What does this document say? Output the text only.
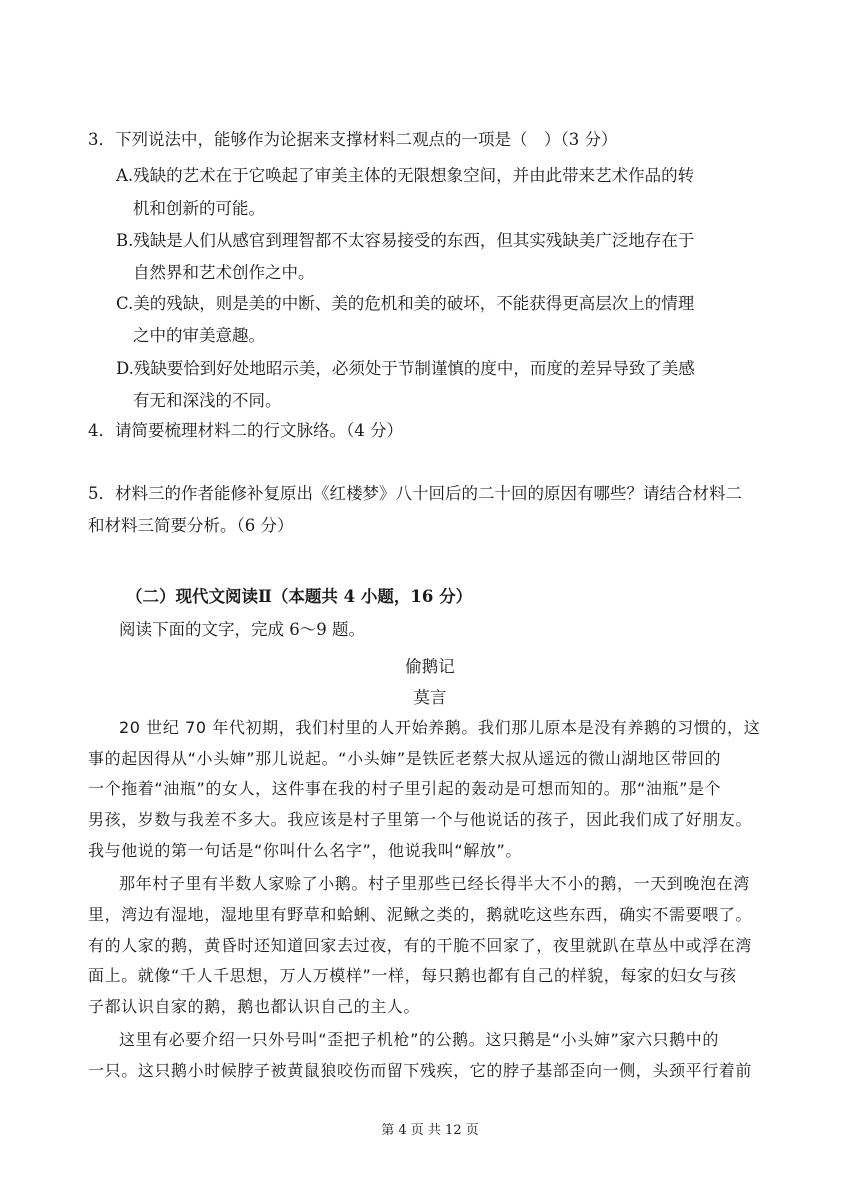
3．下列说法中，能够作为论据来支撑材料二观点的一项是（　）（3 分）
A.残缺的艺术在于它唤起了审美主体的无限想象空间，并由此带来艺术作品的转
机和创新的可能。
B.残缺是人们从感官到理智都不太容易接受的东西，但其实残缺美广泛地存在于
自然界和艺术创作之中。
C.美的残缺，则是美的中断、美的危机和美的破坏，不能获得更高层次上的情理
之中的审美意趣。
D.残缺要恰到好处地昭示美，必须处于节制谨慎的度中，而度的差异导致了美感
有无和深浅的不同。
4．请简要梳理材料二的行文脉络。（4 分）
5．材料三的作者能修补复原出《红楼梦》八十回后的二十回的原因有哪些？请结合材料二
和材料三简要分析。（6 分）
（二）现代文阅读Ⅱ（本题共 4 小题，16 分）
阅读下面的文字，完成 6～9 题。
偷鹅记
莫言
20 世纪 70 年代初期，我们村里的人开始养鹅。我们那儿原本是没有养鹅的习惯的，这
事的起因得从“小头婶”那儿说起。“小头婶”是铁匠老蔡大叔从遥远的微山湖地区带回的
一个拖着“油瓶”的女人，这件事在我的村子里引起的轰动是可想而知的。那“油瓶”是个
男孩，岁数与我差不多大。我应该是村子里第一个与他说话的孩子，因此我们成了好朋友。
我与他说的第一句话是“你叫什么名字”，他说我叫“解放”。
那年村子里有半数人家赊了小鹅。村子里那些已经长得半大不小的鹅，一天到晚泡在湾
里，湾边有湿地，湿地里有野草和蛤蜊、泥鳅之类的，鹅就吃这些东西，确实不需要喂了。
有的人家的鹅，黄昏时还知道回家去过夜，有的干脆不回家了，夜里就趴在草丛中或浮在湾
面上。就像“千人千思想，万人万模样”一样，每只鹅也都有自己的样貌，每家的妇女与孩
子都认识自家的鹅，鹅也都认识自己的主人。
这里有必要介绍一只外号叫“歪把子机枪”的公鹅。这只鹅是“小头婶”家六只鹅中的
一只。这只鹅小时候脖子被黄鼠狼咬伤而留下残疾，它的脖子基部歪向一侧，头颈平行着前
第 4 页 共 12 页
